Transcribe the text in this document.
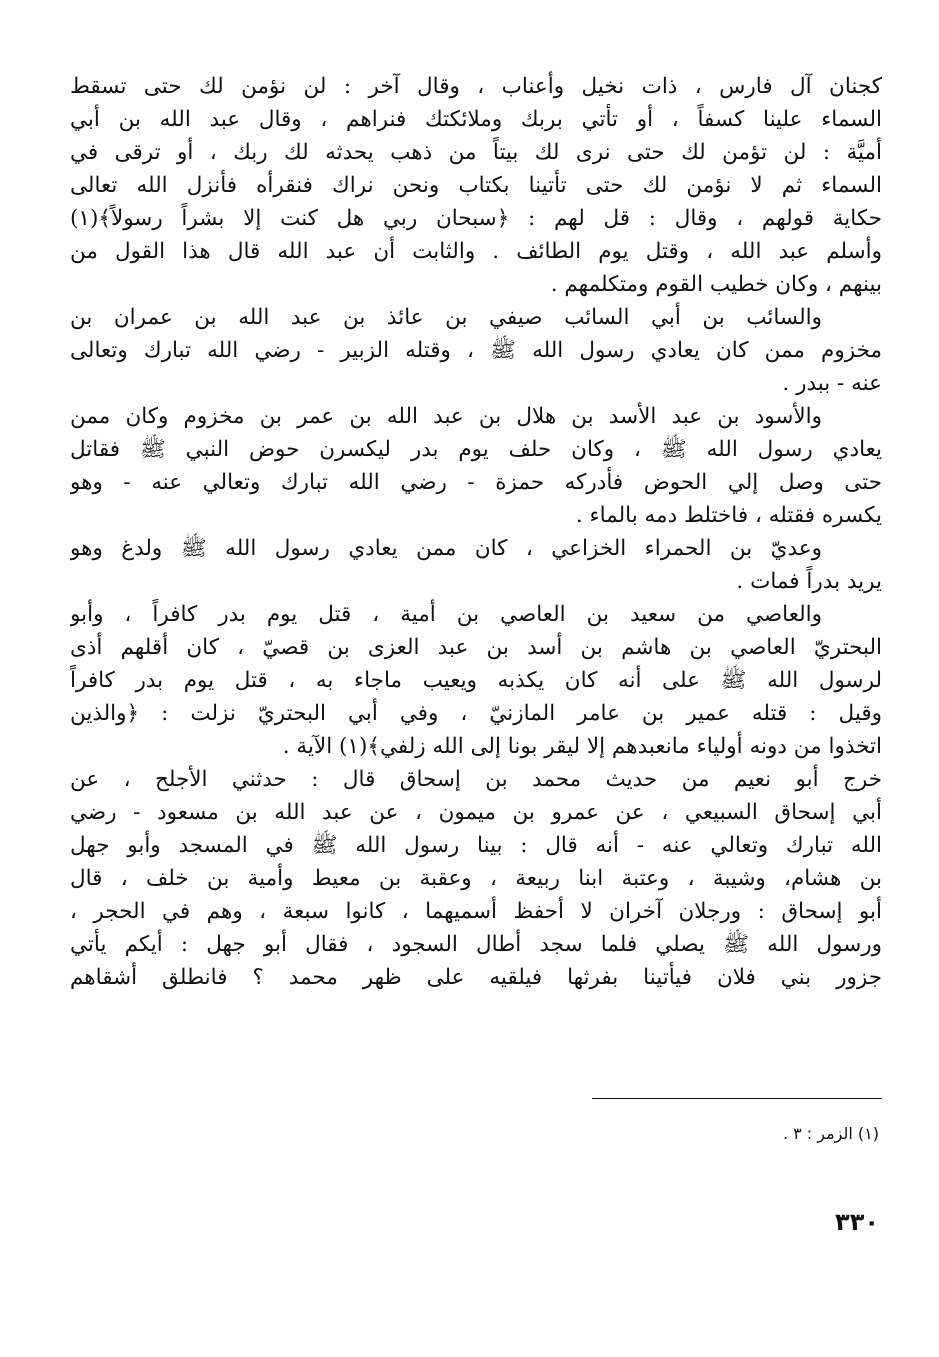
كجنان آل فارس ، ذات نخيل وأعناب ، وقال آخر : لن نؤمن لك حتى تسقط
السماء علينا كسفاً ، أو تأتي بربك وملائكتك فنراهم ، وقال عبد الله بن أبي
أميَّة : لن تؤمن لك حتى نرى لك بيتاً من ذهب يحدثه لك ربك ، أو ترقى في
السماء ثم لا نؤمن لك حتى تأتينا بكتاب ونحن نراك فنقرأه فأنزل الله تعالى
حكاية قولهم ، وقال : قل لهم : ﴿سبحان ربي هل كنت إلا بشراً رسولاً﴾(١)
وأسلم عبد الله ، وقتل يوم الطائف . والثابت أن عبد الله قال هذا القول من
بينهم ، وكان خطيب القوم ومتكلمهم .
والسائب بن أبي السائب صيفي بن عائذ بن عبد الله بن عمران بن
مخزوم ممن كان يعادي رسول الله ﷺ ، وقتله الزبير - رضي الله تبارك وتعالى
عنه - ببدر .
والأسود بن عبد الأسد بن هلال بن عبد الله بن عمر بن مخزوم وكان ممن
يعادي رسول الله ﷺ ، وكان حلف يوم بدر ليكسرن حوض النبي ﷺ فقاتل
حتى وصل إلي الحوض فأدركه حمزة - رضي الله تبارك وتعالي عنه - وهو
يكسره فقتله ، فاختلط دمه بالماء .
وعديّ بن الحمراء الخزاعي ، كان ممن يعادي رسول الله ﷺ ولدغ وهو
يريد بدراً فمات .
والعاصي من سعيد بن العاصي بن أمية ، قتل يوم بدر كافراً ، وأبو
البحتريّ العاصي بن هاشم بن أسد بن عبد العزى بن قصيّ ، كان أقلهم أذى
لرسول الله ﷺ على أنه كان يكذبه ويعيب ماجاء به ، قتل يوم بدر كافراً
وقيل : قتله عمير بن عامر المازنيّ ، وفي أبي البحتريّ نزلت : ﴿والذين
اتخذوا من دونه أولياء مانعبدهم إلا ليقر بونا إلى الله زلفي﴾(١) الآية .
خرج أبو نعيم من حديث محمد بن إسحاق قال : حدثني الأجلح ، عن
أبي إسحاق السبيعي ، عن عمرو بن ميمون ، عن عبد الله بن مسعود - رضي
الله تبارك وتعالي عنه - أنه قال : بينا رسول الله ﷺ في المسجد وأبو جهل
بن هشام، وشيبة ، وعتبة ابنا ربيعة ، وعقبة بن معيط وأمية بن خلف ، قال
أبو إسحاق : ورجلان آخران لا أحفظ أسميهما ، كانوا سبعة ، وهم في الحجر ،
ورسول الله ﷺ يصلي فلما سجد أطال السجود ، فقال أبو جهل : أيكم يأتي
جزور بني فلان فيأتينا بفرثها فيلقيه على ظهر محمد ؟ فانطلق أشقاهم
(١) الزمر : ٣ .
٣٣٠
